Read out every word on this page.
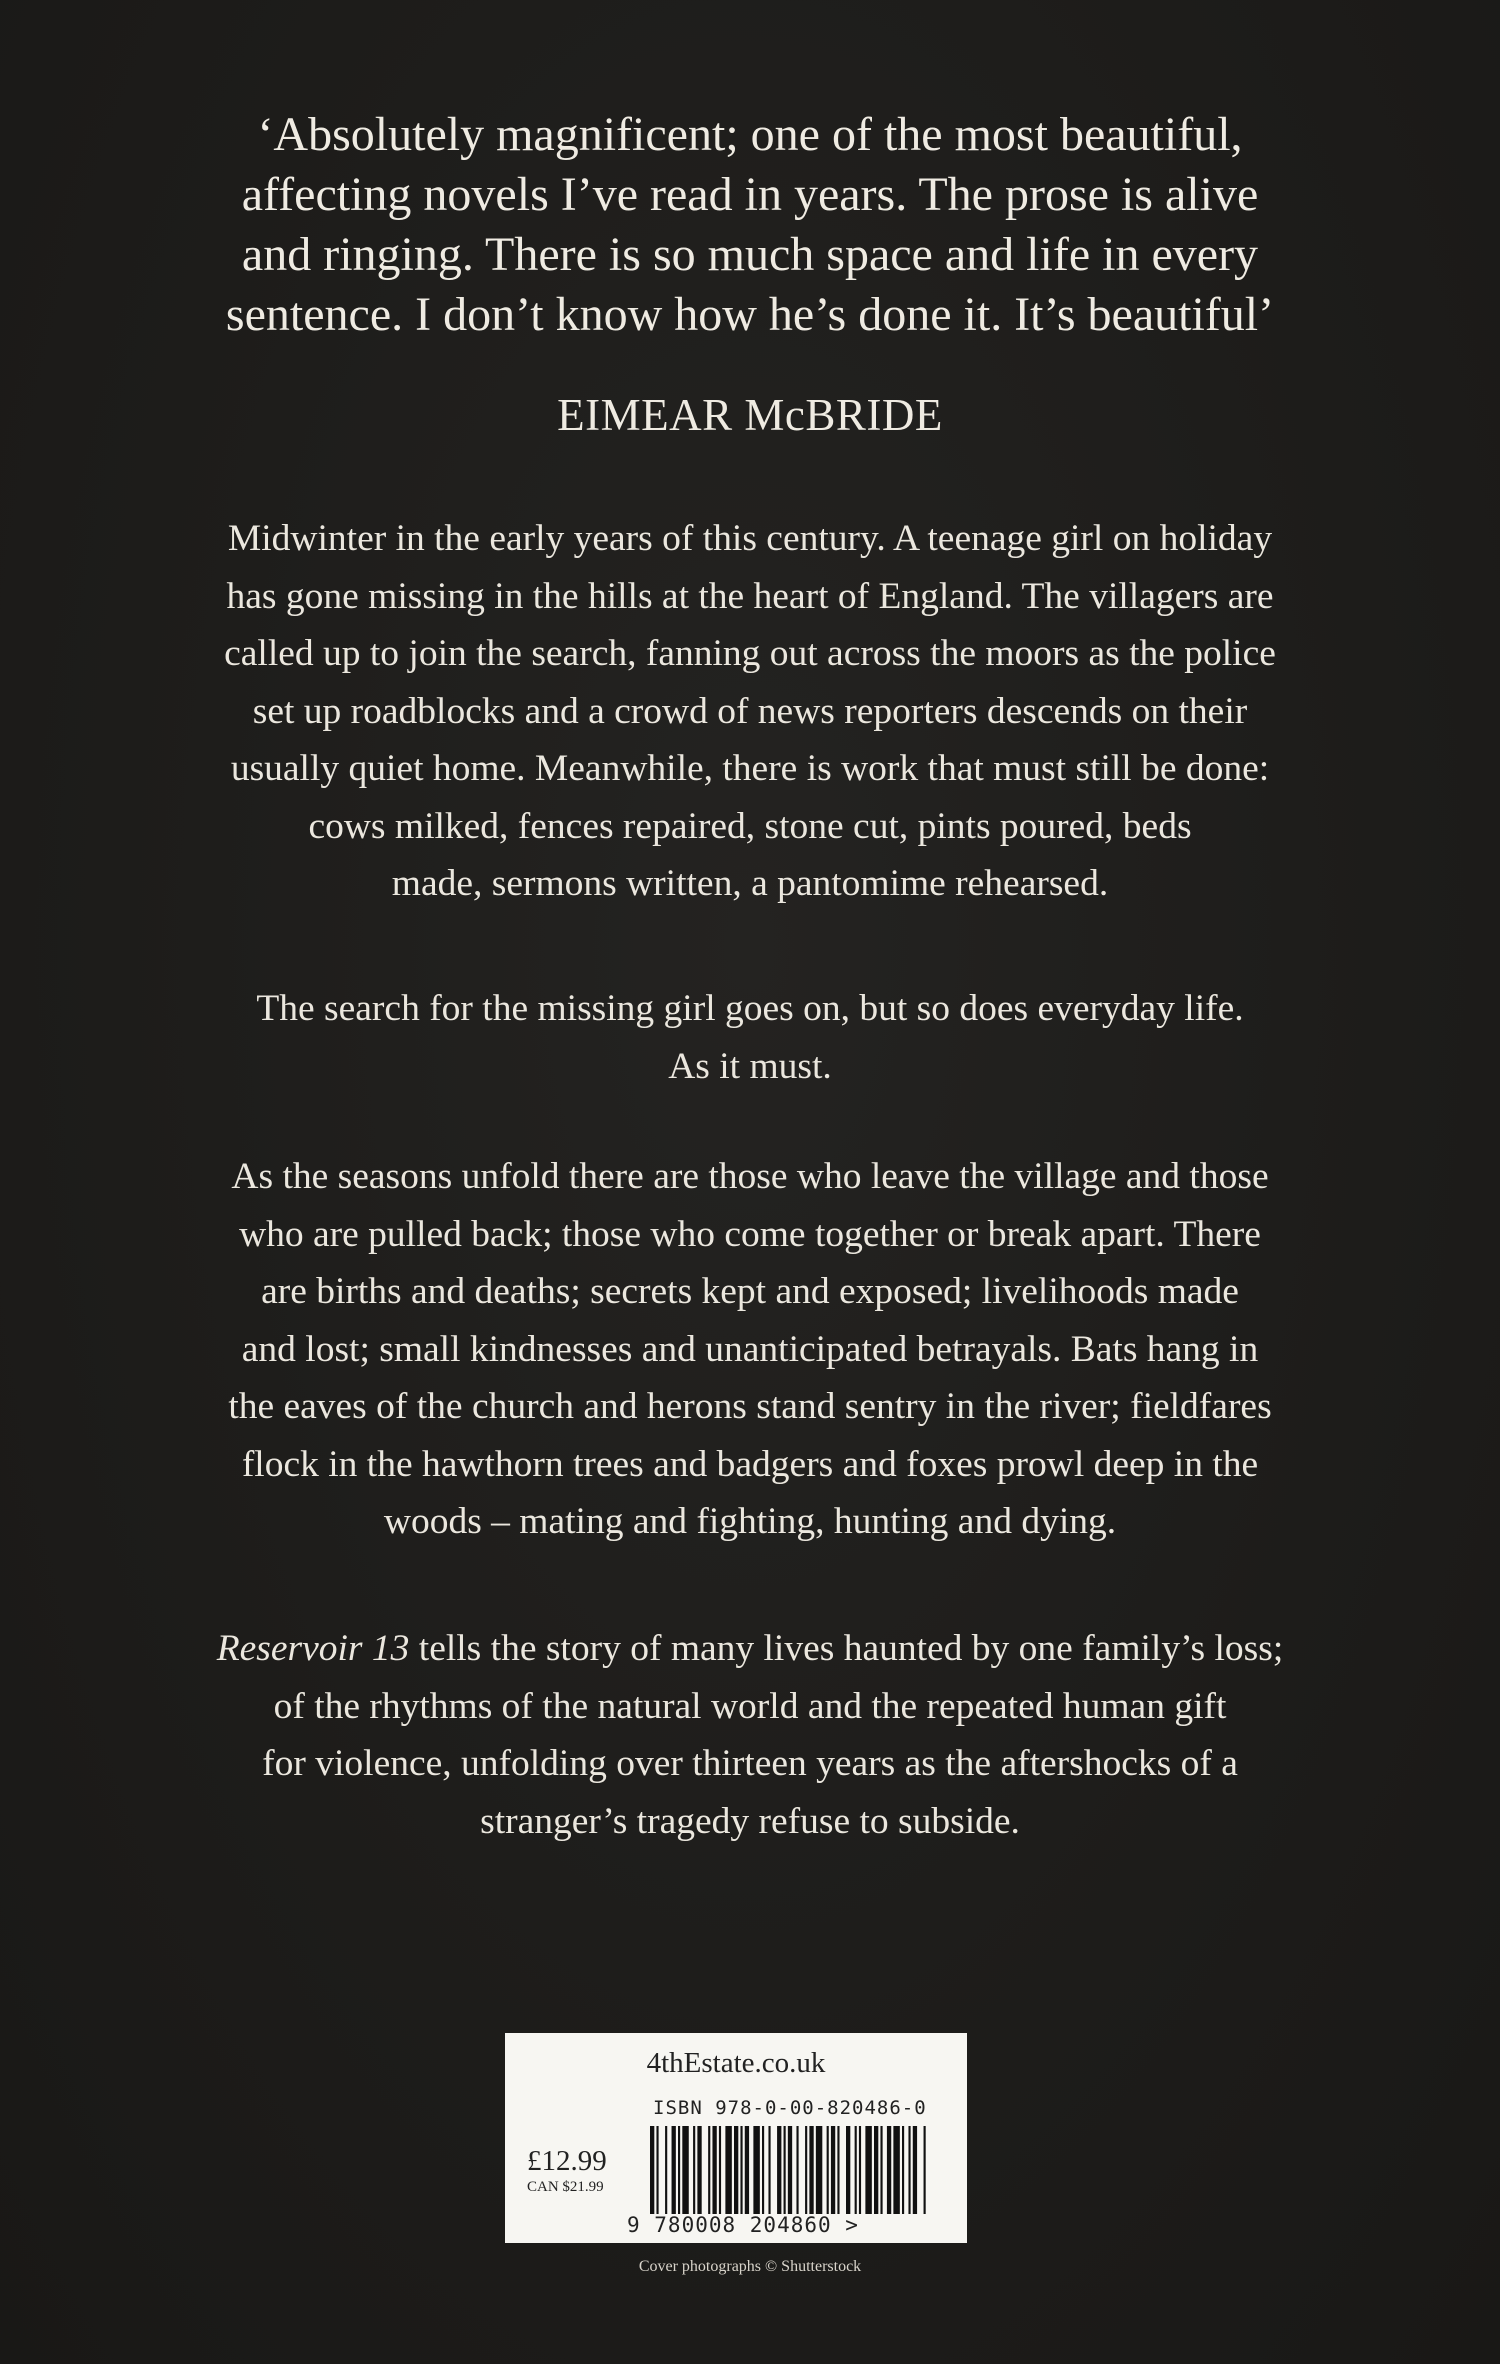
‘Absolutely magnificent; one of the most beautiful,
affecting novels I’ve read in years. The prose is alive
and ringing. There is so much space and life in every
sentence. I don’t know how he’s done it. It’s beautiful’
EIMEAR McBRIDE
Midwinter in the early years of this century. A teenage girl on holiday
has gone missing in the hills at the heart of England. The villagers are
called up to join the search, fanning out across the moors as the police
set up roadblocks and a crowd of news reporters descends on their
usually quiet home. Meanwhile, there is work that must still be done:
cows milked, fences repaired, stone cut, pints poured, beds
made, sermons written, a pantomime rehearsed.
The search for the missing girl goes on, but so does everyday life.
As it must.
As the seasons unfold there are those who leave the village and those
who are pulled back; those who come together or break apart. There
are births and deaths; secrets kept and exposed; livelihoods made
and lost; small kindnesses and unanticipated betrayals. Bats hang in
the eaves of the church and herons stand sentry in the river; fieldfares
flock in the hawthorn trees and badgers and foxes prowl deep in the
woods – mating and fighting, hunting and dying.
Reservoir 13 tells the story of many lives haunted by one family’s loss;
of the rhythms of the natural world and the repeated human gift
for violence, unfolding over thirteen years as the aftershocks of a
stranger’s tragedy refuse to subside.
4thEstate.co.uk
ISBN 978-0-00-820486-0
£12.99
CAN $21.99
9 780008 204860 >
Cover photographs © Shutterstock
